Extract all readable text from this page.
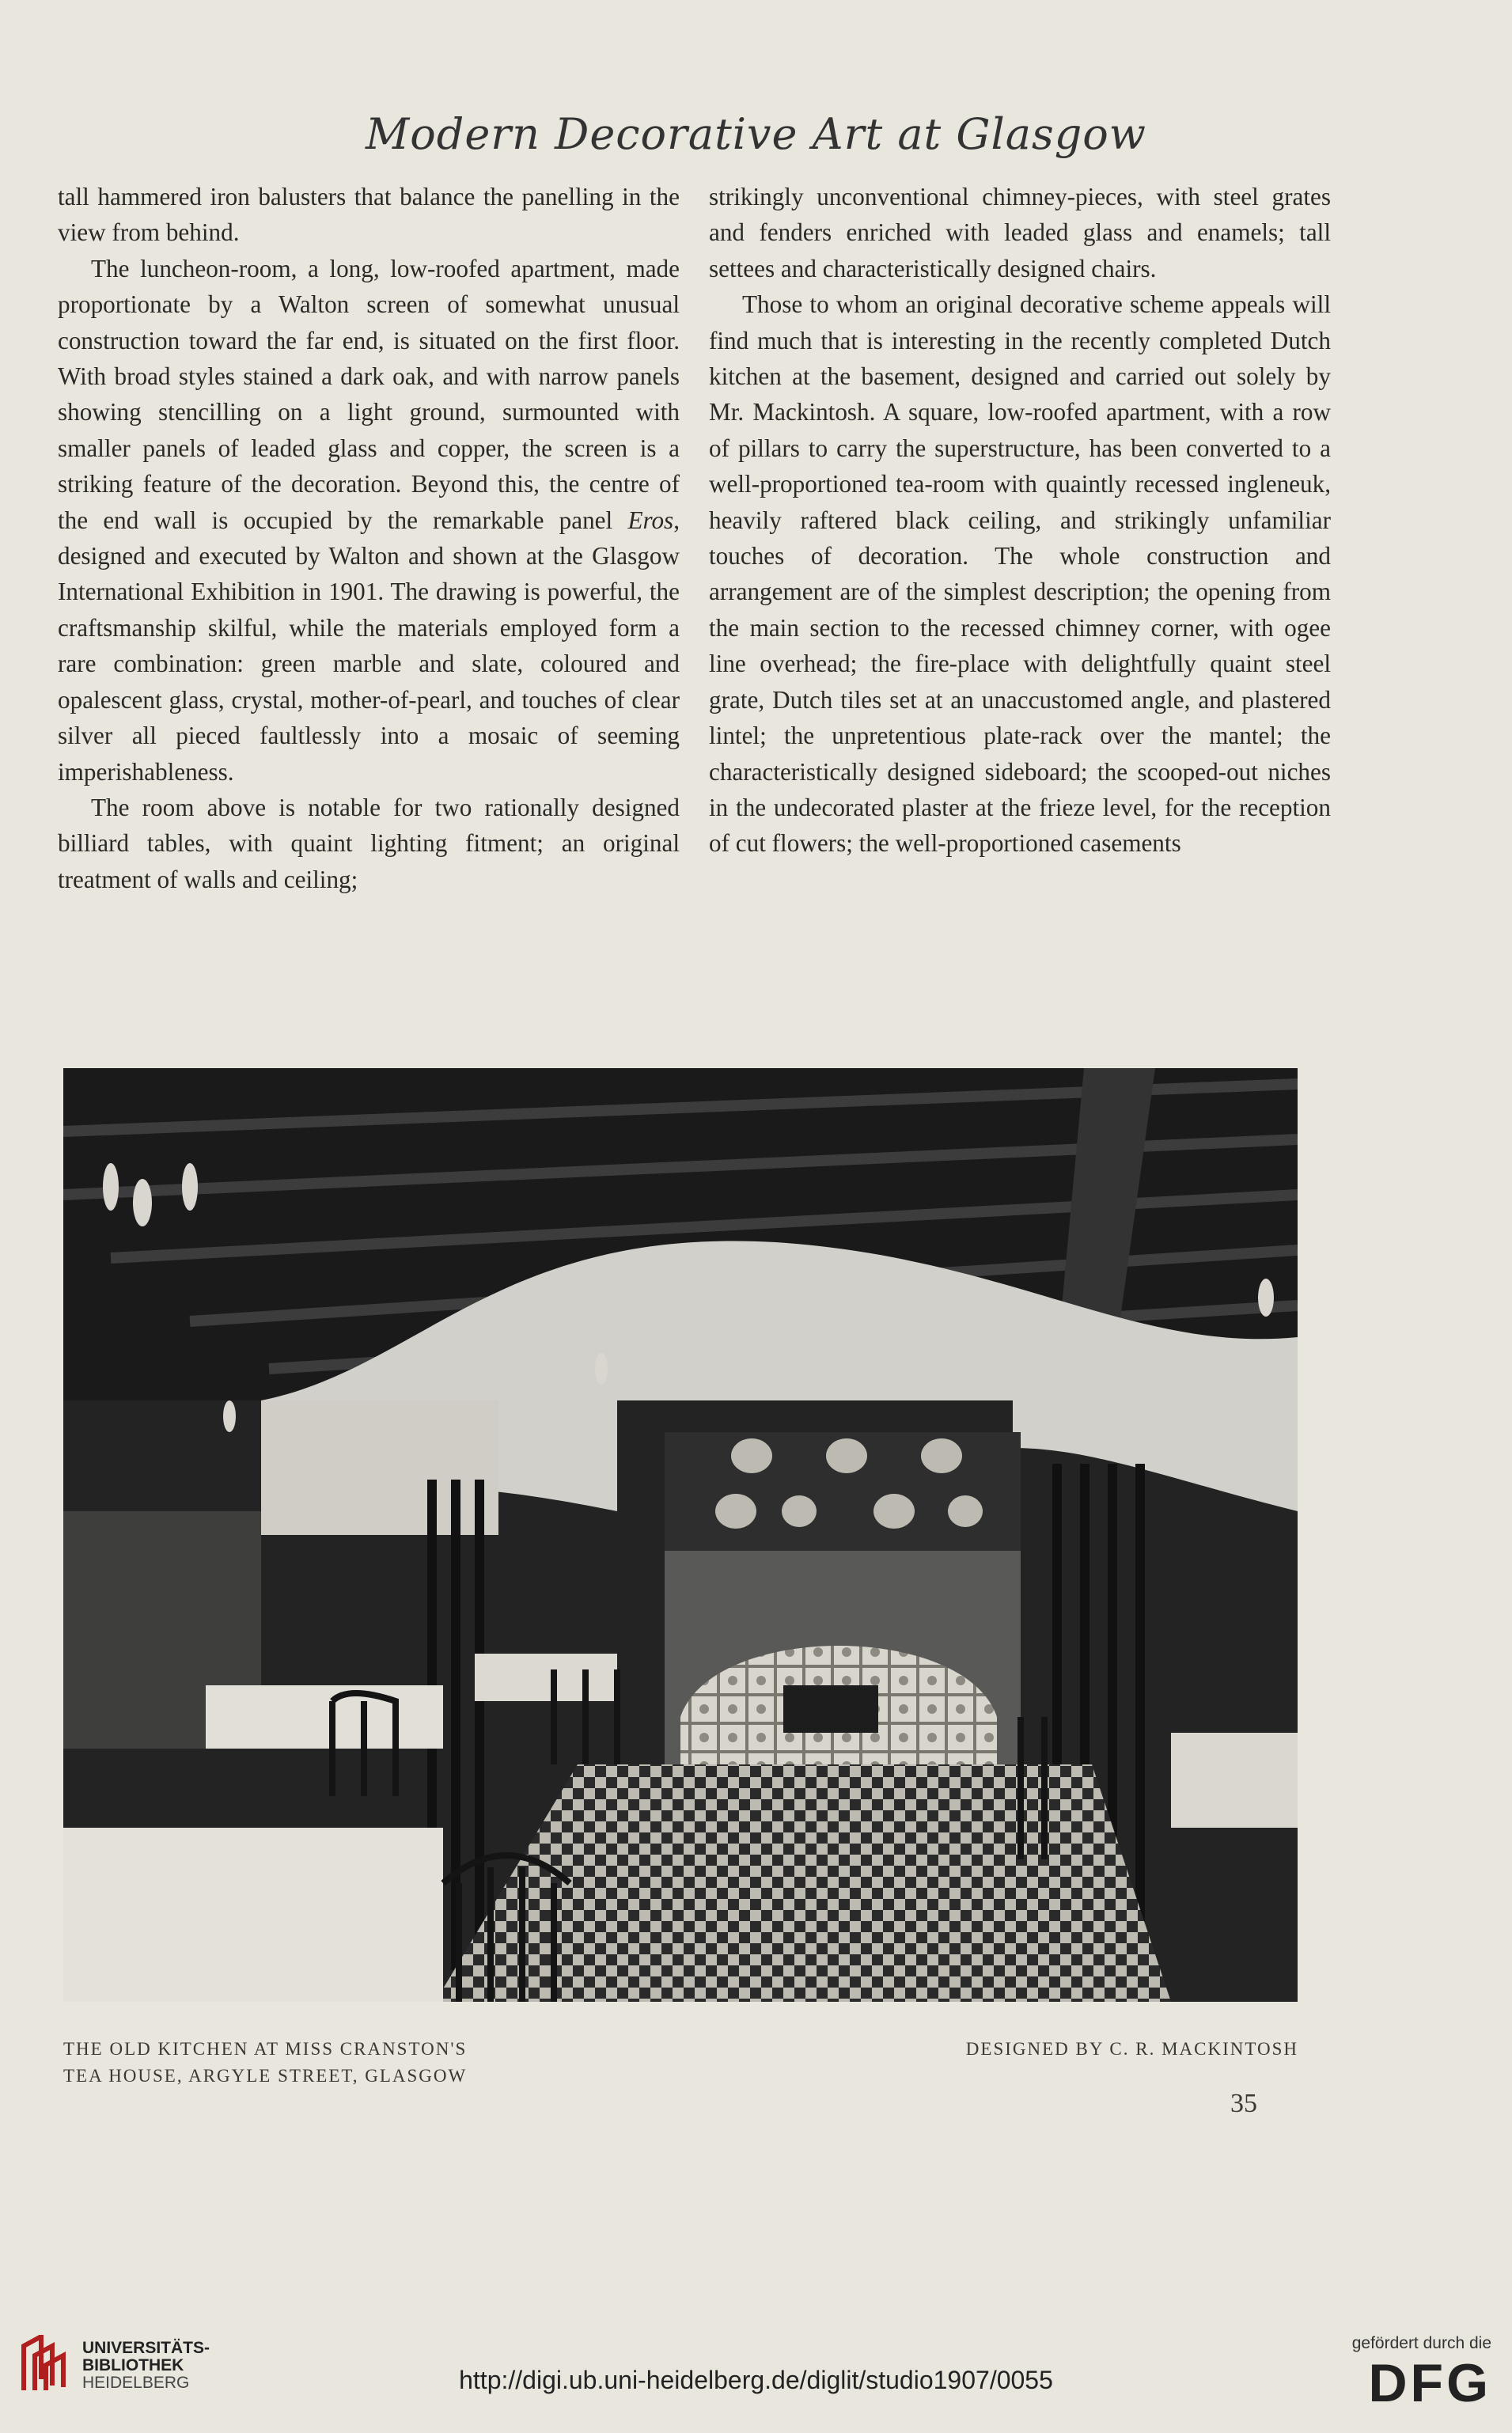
Modern Decorative Art at Glasgow

tall hammered iron balusters that balance the panelling in the view from behind.

The luncheon-room, a long, low-roofed apartment, made proportionate by a Walton screen of somewhat unusual construction toward the far end, is situated on the first floor. With broad styles stained a dark oak, and with narrow panels showing stencilling on a light ground, surmounted with smaller panels of leaded glass and copper, the screen is a striking feature of the decoration. Beyond this, the centre of the end wall is occupied by the remarkable panel Eros, designed and executed by Walton and shown at the Glasgow International Exhibition in 1901. The drawing is powerful, the craftsmanship skilful, while the materials employed form a rare combination: green marble and slate, coloured and opalescent glass, crystal, mother-of-pearl, and touches of clear silver all pieced faultlessly into a mosaic of seeming imperishableness.

The room above is notable for two rationally designed billiard tables, with quaint lighting fitment; an original treatment of walls and ceiling;

strikingly unconventional chimney-pieces, with steel grates and fenders enriched with leaded glass and enamels; tall settees and characteristically designed chairs.

Those to whom an original decorative scheme appeals will find much that is interesting in the recently completed Dutch kitchen at the basement, designed and carried out solely by Mr. Mackintosh. A square, low-roofed apartment, with a row of pillars to carry the superstructure, has been converted to a well-proportioned tea-room with quaintly recessed ingleneuk, heavily raftered black ceiling, and strikingly unfamiliar touches of decoration. The whole construction and arrangement are of the simplest description; the opening from the main section to the recessed chimney corner, with ogee line overhead; the fire-place with delightfully quaint steel grate, Dutch tiles set at an unaccustomed angle, and plastered lintel; the unpretentious plate-rack over the mantel; the characteristically designed sideboard; the scooped-out niches in the undecorated plaster at the frieze level, for the reception of cut flowers; the well-proportioned casements

THE OLD KITCHEN AT MISS CRANSTON'S
TEA HOUSE, ARGYLE STREET, GLASGOW
DESIGNED BY C. R. MACKINTOSH
35
UNIVERSITÄTS-
BIBLIOTHEK
HEIDELBERG	http://digi.ub.uni-heidelberg.de/diglit/studio1907/0055
gefördert durch die
DFG
